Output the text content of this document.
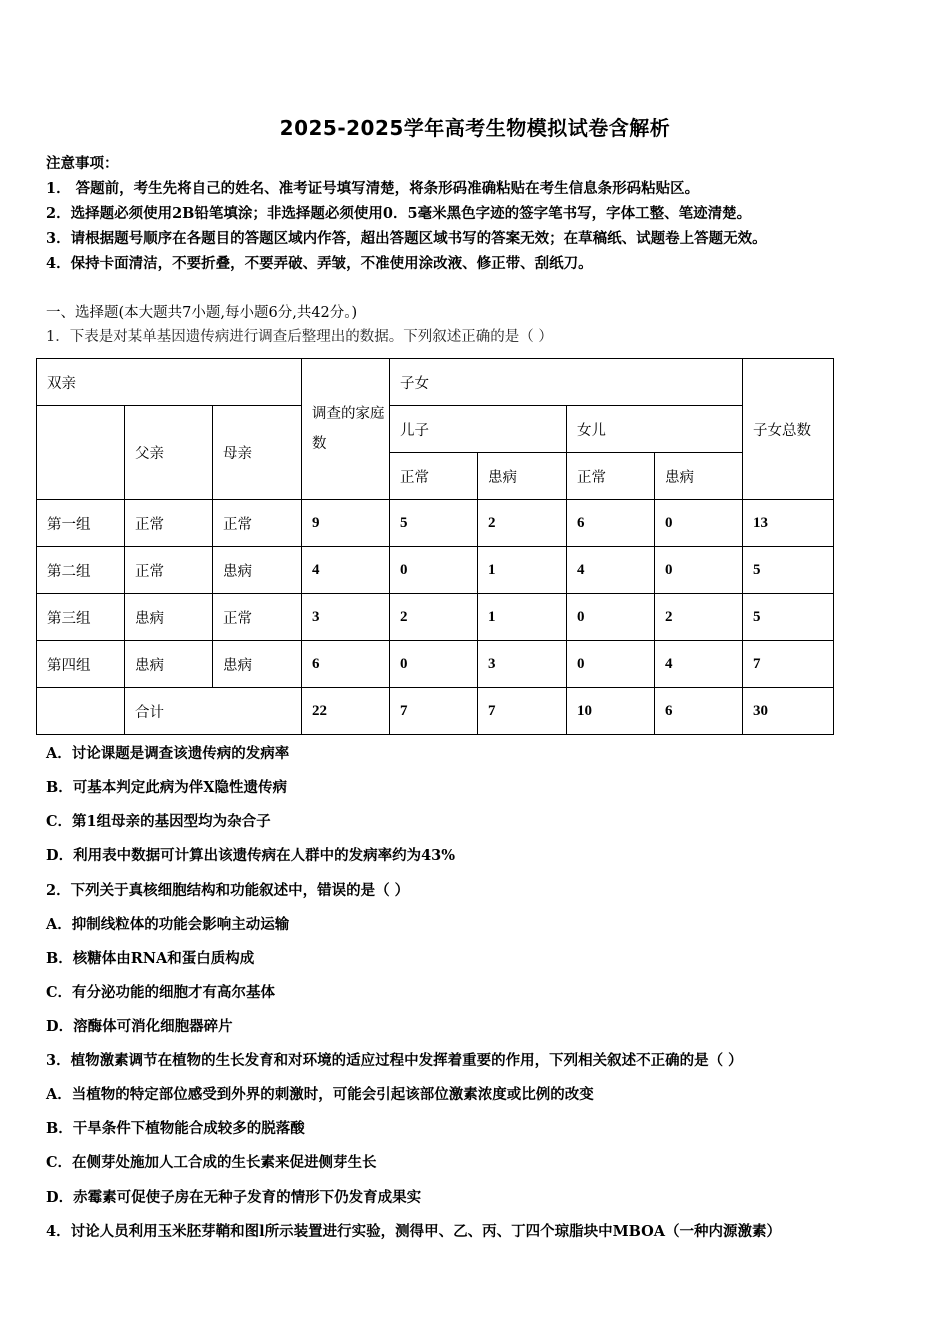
2025-2025学年高考生物模拟试卷含解析
注意事项：
1． 答题前，考生先将自己的姓名、准考证号填写清楚，将条形码准确粘贴在考生信息条形码粘贴区。
2．选择题必须使用2B铅笔填涂；非选择题必须使用0．5毫米黑色字迹的签字笔书写，字体工整、笔迹清楚。
3．请根据题号顺序在各题目的答题区域内作答，超出答题区域书写的答案无效；在草稿纸、试题卷上答题无效。
4．保持卡面清洁，不要折叠，不要弄破、弄皱，不准使用涂改液、修正带、刮纸刀。
一、选择题(本大题共7小题,每小题6分,共42分。)
1．下表是对某单基因遗传病进行调查后整理出的数据。下列叙述正确的是（ ）
双亲			调查的家庭数	子女				子女总数
	父亲	母亲		儿子		女儿		
				正常	患病	正常	患病	
第一组	正常	正常	9	5	2	6	0	13
第二组	正常	患病	4	0	1	4	0	5
第三组	患病	正常	3	2	1	0	2	5
第四组	患病	患病	6	0	3	0	4	7
	合计		22	7	7	10	6	30
A．讨论课题是调查该遗传病的发病率
B．可基本判定此病为伴X隐性遗传病
C．第1组母亲的基因型均为杂合子
D．利用表中数据可计算出该遗传病在人群中的发病率约为43%
2．下列关于真核细胞结构和功能叙述中，错误的是（ ）
A．抑制线粒体的功能会影响主动运输
B．核糖体由RNA和蛋白质构成
C．有分泌功能的细胞才有高尔基体
D．溶酶体可消化细胞器碎片
3．植物激素调节在植物的生长发育和对环境的适应过程中发挥着重要的作用，下列相关叙述不正确的是（ ）
A．当植物的特定部位感受到外界的刺激时，可能会引起该部位激素浓度或比例的改变
B．干旱条件下植物能合成较多的脱落酸
C．在侧芽处施加人工合成的生长素来促进侧芽生长
D．赤霉素可促使子房在无种子发育的情形下仍发育成果实
4．讨论人员利用玉米胚芽鞘和图l所示装置进行实验，测得甲、乙、丙、丁四个琼脂块中MBOA（一种内源激素）
